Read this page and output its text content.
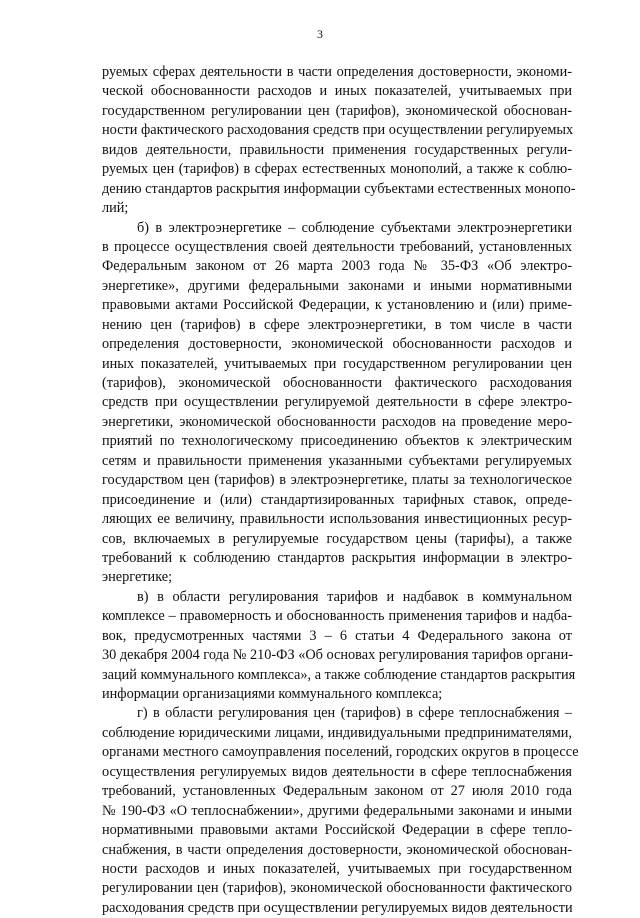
3
руемых сферах деятельности в части определения достоверности, экономи-
ческой обоснованности расходов и иных показателей, учитываемых при
государственном регулировании цен (тарифов), экономической обоснован-
ности фактического расходования средств при осуществлении регулируемых
видов деятельности, правильности применения государственных регули-
руемых цен (тарифов) в сферах естественных монополий, а также к соблю-
дению стандартов раскрытия информации субъектами естественных монопо-
лий;
б) в электроэнергетике – соблюдение субъектами электроэнергетики
в процессе осуществления своей деятельности требований, установленных
Федеральным законом от 26 марта 2003 года № 35-ФЗ «Об электро-
энергетике», другими федеральными законами и иными нормативными
правовыми актами Российской Федерации, к установлению и (или) приме-
нению цен (тарифов) в сфере электроэнергетики, в том числе в части
определения достоверности, экономической обоснованности расходов и
иных показателей, учитываемых при государственном регулировании цен
(тарифов), экономической обоснованности фактического расходования
средств при осуществлении регулируемой деятельности в сфере электро-
энергетики, экономической обоснованности расходов на проведение меро-
приятий по технологическому присоединению объектов к электрическим
сетям и правильности применения указанными субъектами регулируемых
государством цен (тарифов) в электроэнергетике, платы за технологическое
присоединение и (или) стандартизированных тарифных ставок, опреде-
ляющих ее величину, правильности использования инвестиционных ресур-
сов, включаемых в регулируемые государством цены (тарифы), а также
требований к соблюдению стандартов раскрытия информации в электро-
энергетике;
в) в области регулирования тарифов и надбавок в коммунальном
комплексе – правомерность и обоснованность применения тарифов и надба-
вок, предусмотренных частями 3 – 6 статьи 4 Федерального закона от
30 декабря 2004 года № 210-ФЗ «Об основах регулирования тарифов органи-
заций коммунального комплекса», а также соблюдение стандартов раскрытия
информации организациями коммунального комплекса;
г) в области регулирования цен (тарифов) в сфере теплоснабжения –
соблюдение юридическими лицами, индивидуальными предпринимателями,
органами местного самоуправления поселений, городских округов в процессе
осуществления регулируемых видов деятельности в сфере теплоснабжения
требований, установленных Федеральным законом от 27 июля 2010 года
№ 190-ФЗ «О теплоснабжении», другими федеральными законами и иными
нормативными правовыми актами Российской Федерации в сфере тепло-
снабжения, в части определения достоверности, экономической обоснован-
ности расходов и иных показателей, учитываемых при государственном
регулировании цен (тарифов), экономической обоснованности фактического
расходования средств при осуществлении регулируемых видов деятельности
